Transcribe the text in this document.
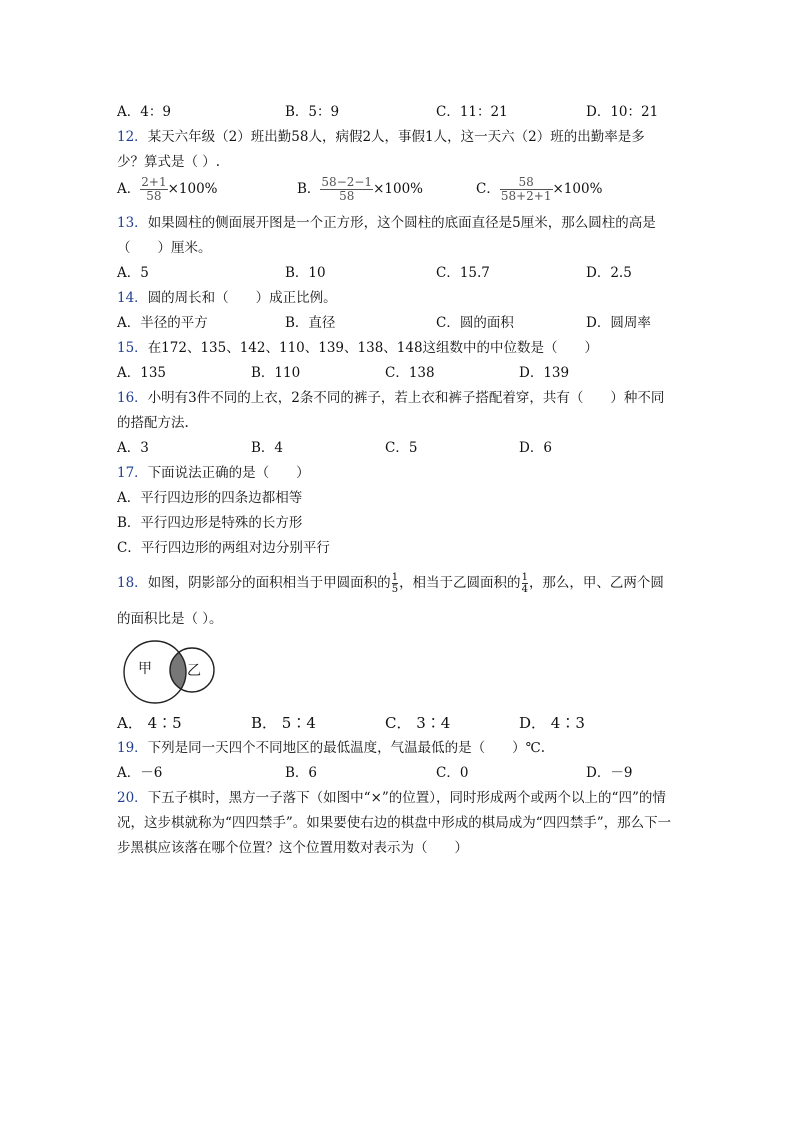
A．4：9	B．5：9	C．11：21	D．10：21
12．某天六年级（2）班出勤58人，病假2人，事假1人，这一天六（2）班的出勤率是多
少？算式是（ ）.
A． $\frac{2+1}{58} \times 100\%$	B． $\frac{58-2-1}{58} \times 100\%$	C． $\frac{58}{58+2+1} \times 100\%$
13．如果圆柱的侧面展开图是一个正方形，这个圆柱的底面直径是5厘米，那么圆柱的高是
（　　）厘米。
A．5	B．10	C．15.7	D．2.5
14．圆的周长和（　　）成正比例。
A．半径的平方	B．直径	C．圆的面积	D．圆周率
15．在172、135、142、110、139、138、148这组数中的中位数是（　　）
A．135	B．110	C．138	D．139
16．小明有3件不同的上衣，2条不同的裤子，若上衣和裤子搭配着穿，共有（　　）种不同
的搭配方法.
A．3	B．4	C．5	D．6
17．下面说法正确的是（　　）
A．平行四边形的四条边都相等
B．平行四边形是特殊的长方形
C．平行四边形的两组对边分别平行
18．如图，阴影部分的面积相当于甲圆面积的 $\frac{1}{5}$ ，相当于乙圆面积的 $\frac{1}{4}$ ，那么，甲、乙两个圆
的面积比是（ ）。
甲	乙
A． 4∶5	B． 5∶4	C． 3∶4	D． 4∶3
19．下列是同一天四个不同地区的最低温度，气温最低的是（　　）℃.
A．－6	B．6	C．0	D．－9
20．下五子棋时，黑方一子落下（如图中“×”的位置），同时形成两个或两个以上的“四”的情
况，这步棋就称为“四四禁手”。如果要使右边的棋盘中形成的棋局成为“四四禁手”，那么下一
步黑棋应该落在哪个位置？这个位置用数对表示为（　　）
